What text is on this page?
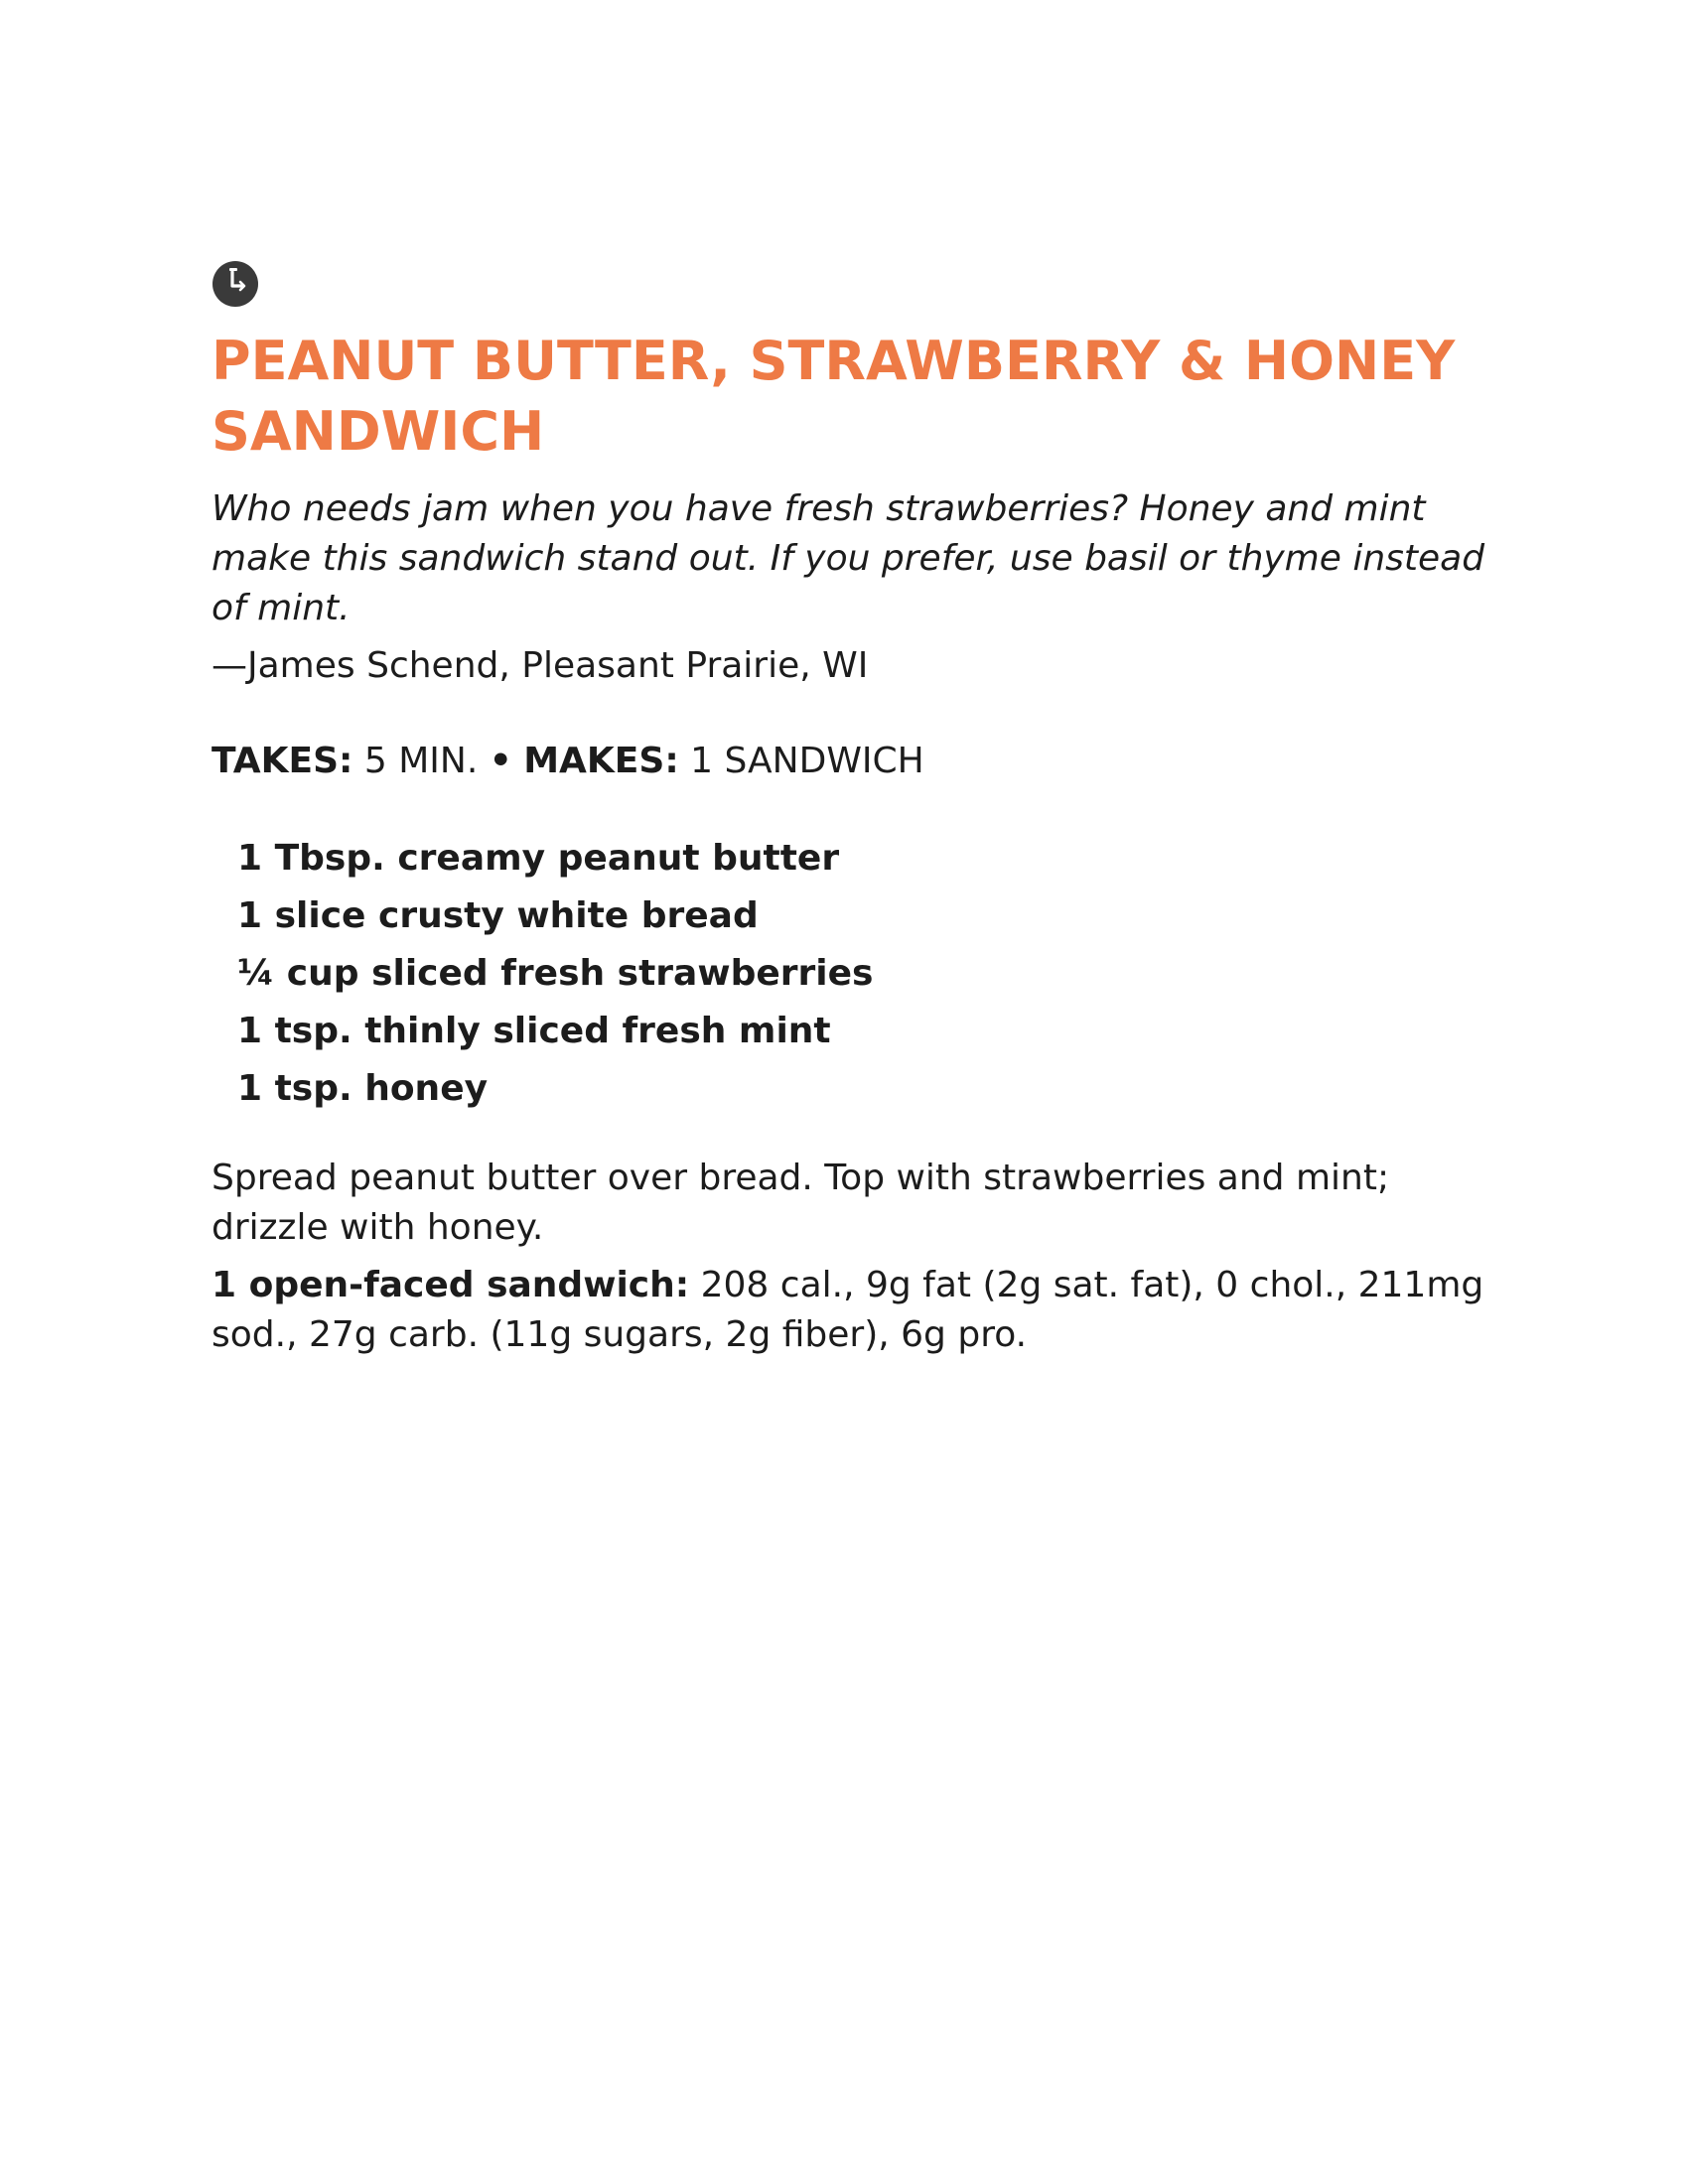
PEANUT BUTTER, STRAWBERRY & HONEY SANDWICH

Who needs jam when you have fresh strawberries? Honey and mint make this sandwich stand out. If you prefer, use basil or thyme instead of mint.

—James Schend, Pleasant Prairie, WI

TAKES: 5 MIN. • MAKES: 1 SANDWICH

1 Tbsp. creamy peanut butter
1 slice crusty white bread
¼ cup sliced fresh strawberries
1 tsp. thinly sliced fresh mint
1 tsp. honey

Spread peanut butter over bread. Top with strawberries and mint; drizzle with honey.

1 open-faced sandwich: 208 cal., 9g fat (2g sat. fat), 0 chol., 211mg sod., 27g carb. (11g sugars, 2g fiber), 6g pro.
